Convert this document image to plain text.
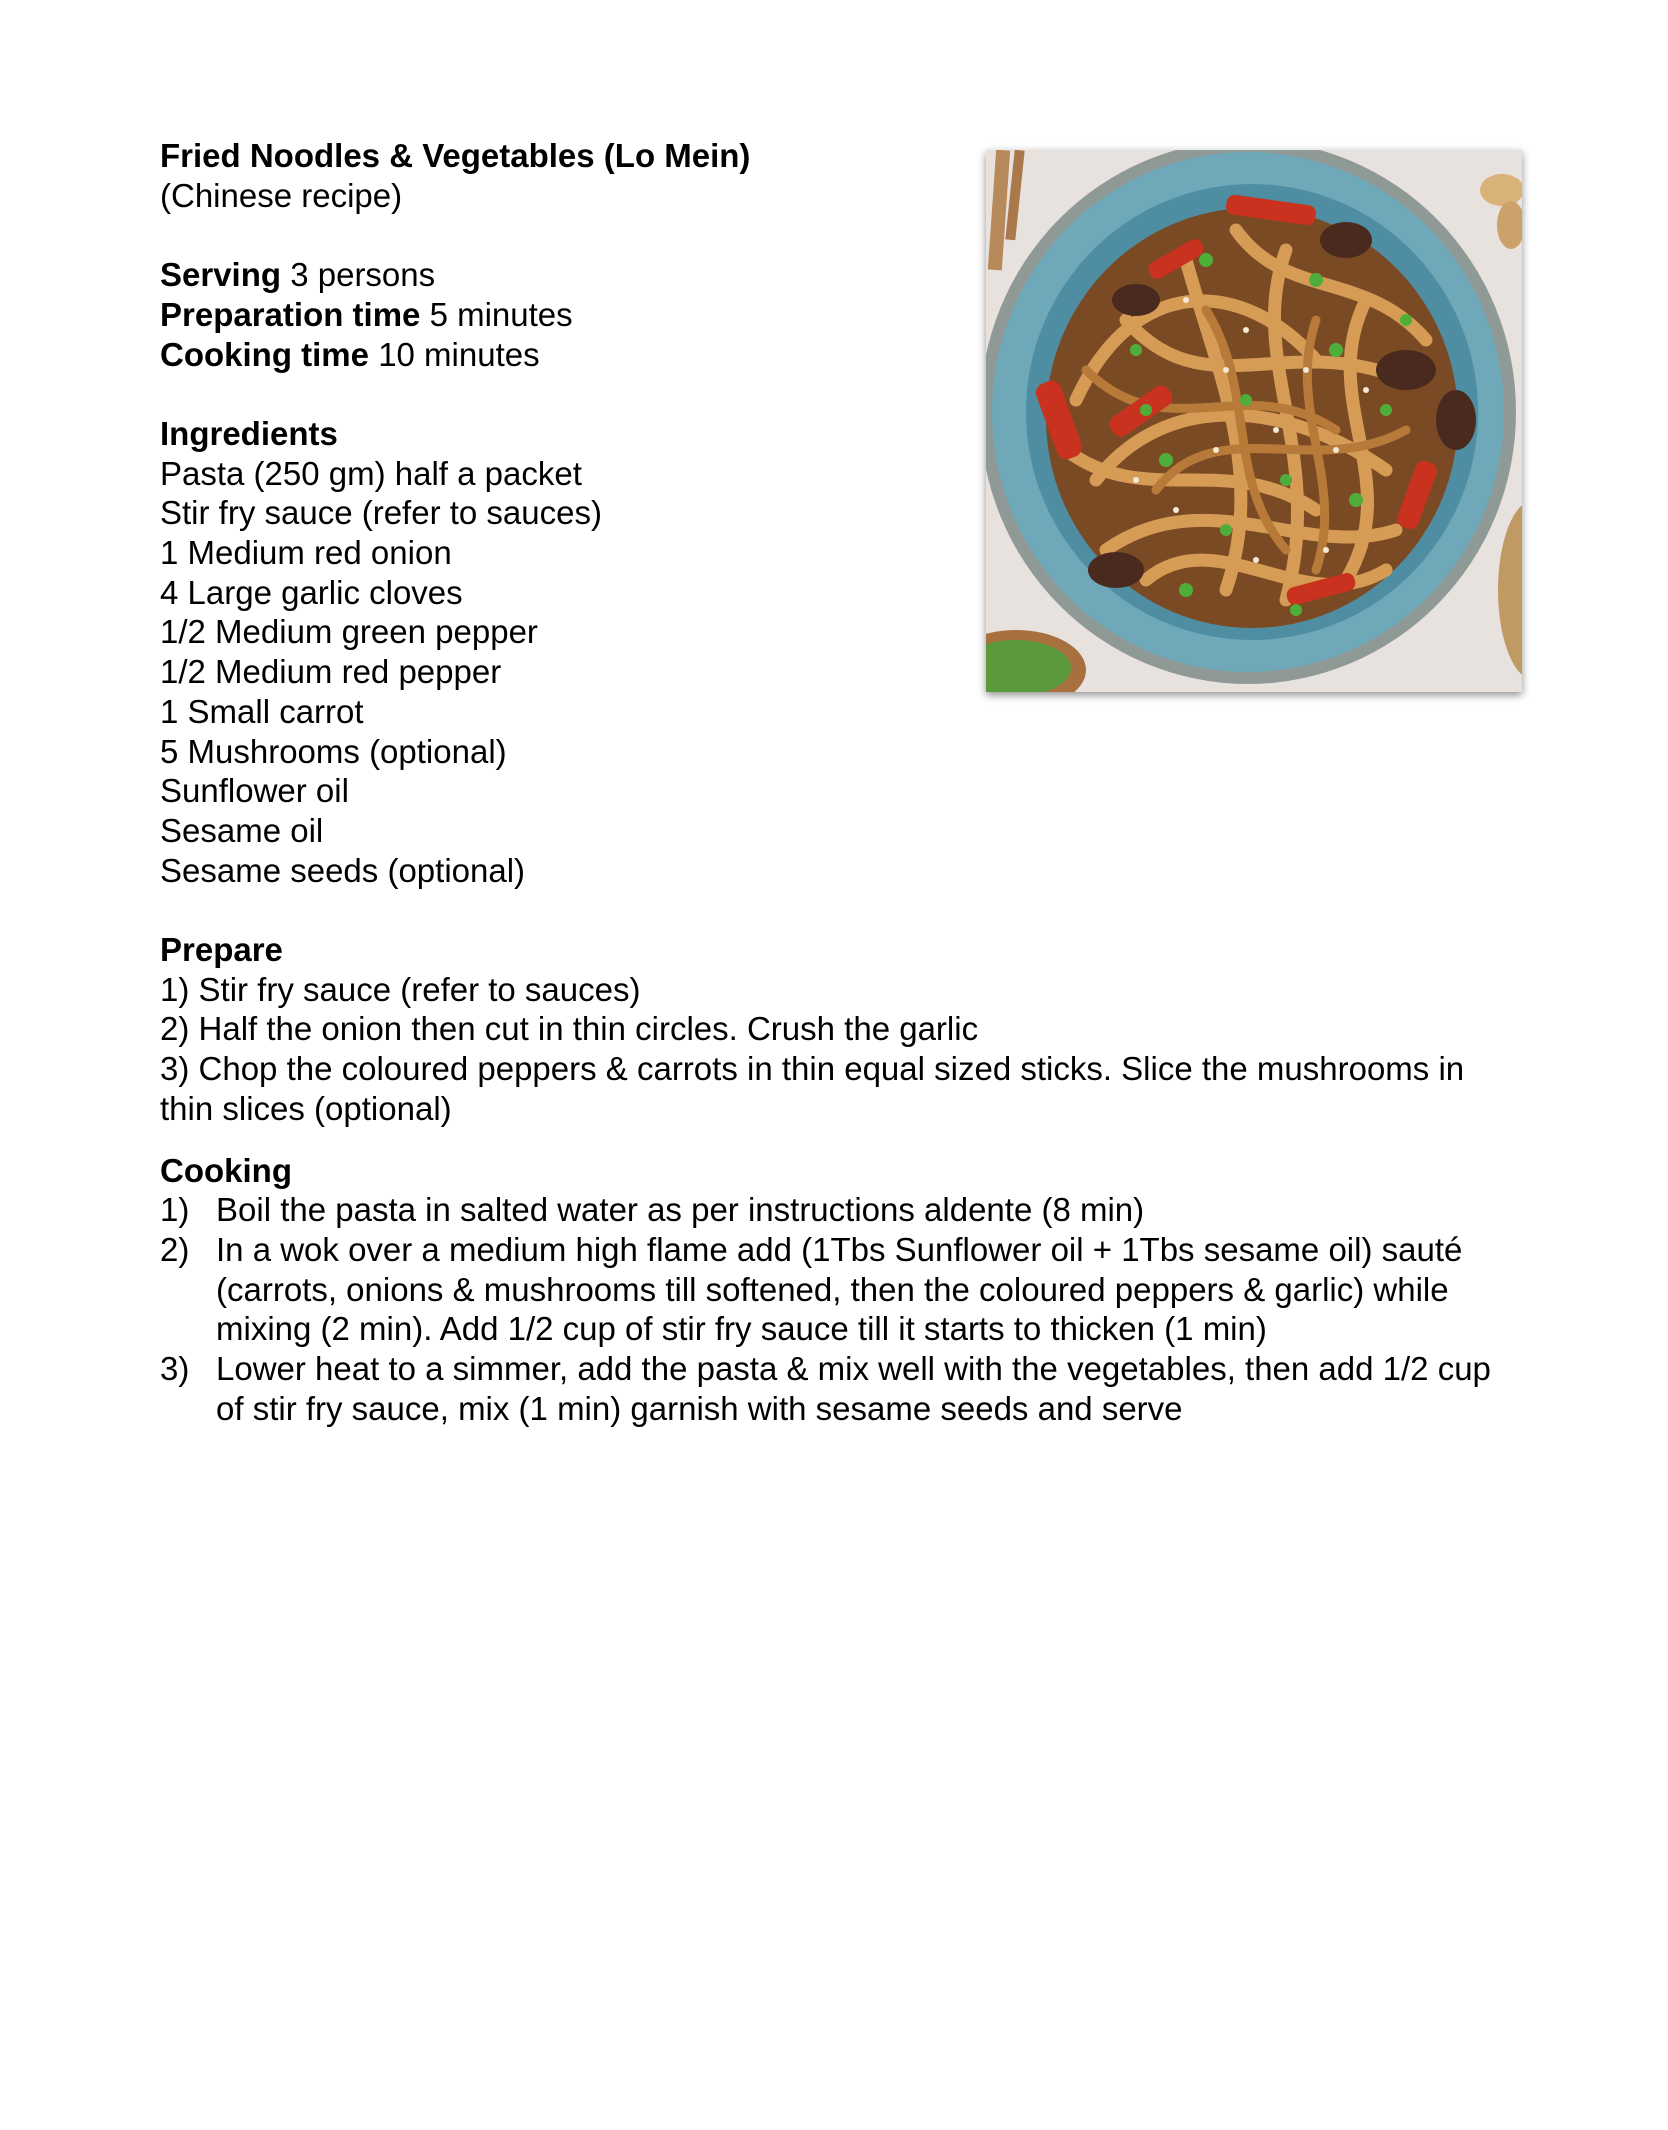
Fried Noodles & Vegetables (Lo Mein)
(Chinese recipe)
Serving 3 persons
Preparation time 5 minutes
Cooking time 10 minutes
Ingredients
Pasta (250 gm) half a packet
Stir fry sauce (refer to sauces)
1 Medium red onion
4 Large garlic cloves
1/2 Medium green pepper
1/2 Medium red pepper
1 Small carrot
5 Mushrooms (optional)
Sunflower oil
Sesame oil
Sesame seeds (optional)
Prepare
1) Stir fry sauce (refer to sauces)
2) Half the onion then cut in thin circles. Crush the garlic
3) Chop the coloured peppers & carrots in thin equal sized sticks. Slice the mushrooms in thin slices (optional)
Cooking
1) Boil the pasta in salted water as per instructions aldente (8 min)
2) In a wok over a medium high flame add (1Tbs Sunflower oil + 1Tbs sesame oil) sauté (carrots, onions & mushrooms till softened, then the coloured peppers & garlic) while mixing (2 min). Add 1/2 cup of stir fry sauce till it starts to thicken (1 min)
3) Lower heat to a simmer, add the pasta & mix well with the vegetables, then add 1/2 cup of stir fry sauce, mix (1 min) garnish with sesame seeds and serve
